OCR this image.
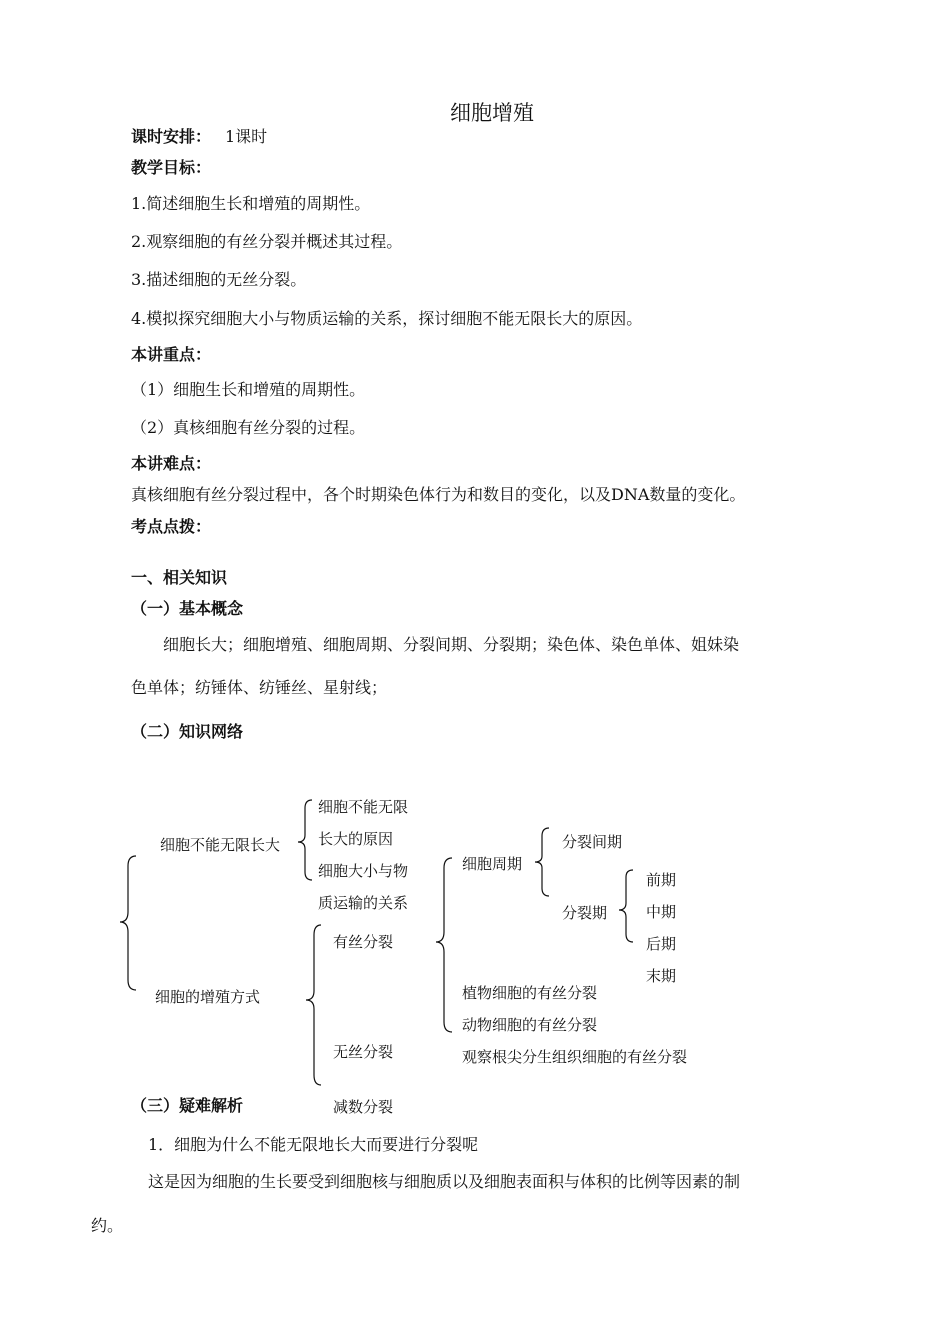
细胞增殖
课时安排： 1课时
教学目标：
1.简述细胞生长和增殖的周期性。
2.观察细胞的有丝分裂并概述其过程。
3.描述细胞的无丝分裂。
4.模拟探究细胞大小与物质运输的关系，探讨细胞不能无限长大的原因。
本讲重点：
（1）细胞生长和增殖的周期性。
（2）真核细胞有丝分裂的过程。
本讲难点：
真核细胞有丝分裂过程中，各个时期染色体行为和数目的变化，以及DNA数量的变化。
考点点拨：
一、相关知识
（一）基本概念
细胞长大；细胞增殖、细胞周期、分裂间期、分裂期；染色体、染色单体、姐妹染
色单体；纺锤体、纺锤丝、星射线；
（二）知识网络
细胞不能无限长大
细胞不能无限
长大的原因
细胞大小与物
质运输的关系
细胞的增殖方式
有丝分裂
无丝分裂
减数分裂
细胞周期
分裂间期
分裂期
前期
中期
后期
末期
植物细胞的有丝分裂
动物细胞的有丝分裂
观察根尖分生组织细胞的有丝分裂
（三）疑难解析
1．细胞为什么不能无限地长大而要进行分裂呢
这是因为细胞的生长要受到细胞核与细胞质以及细胞表面积与体积的比例等因素的制
约。
